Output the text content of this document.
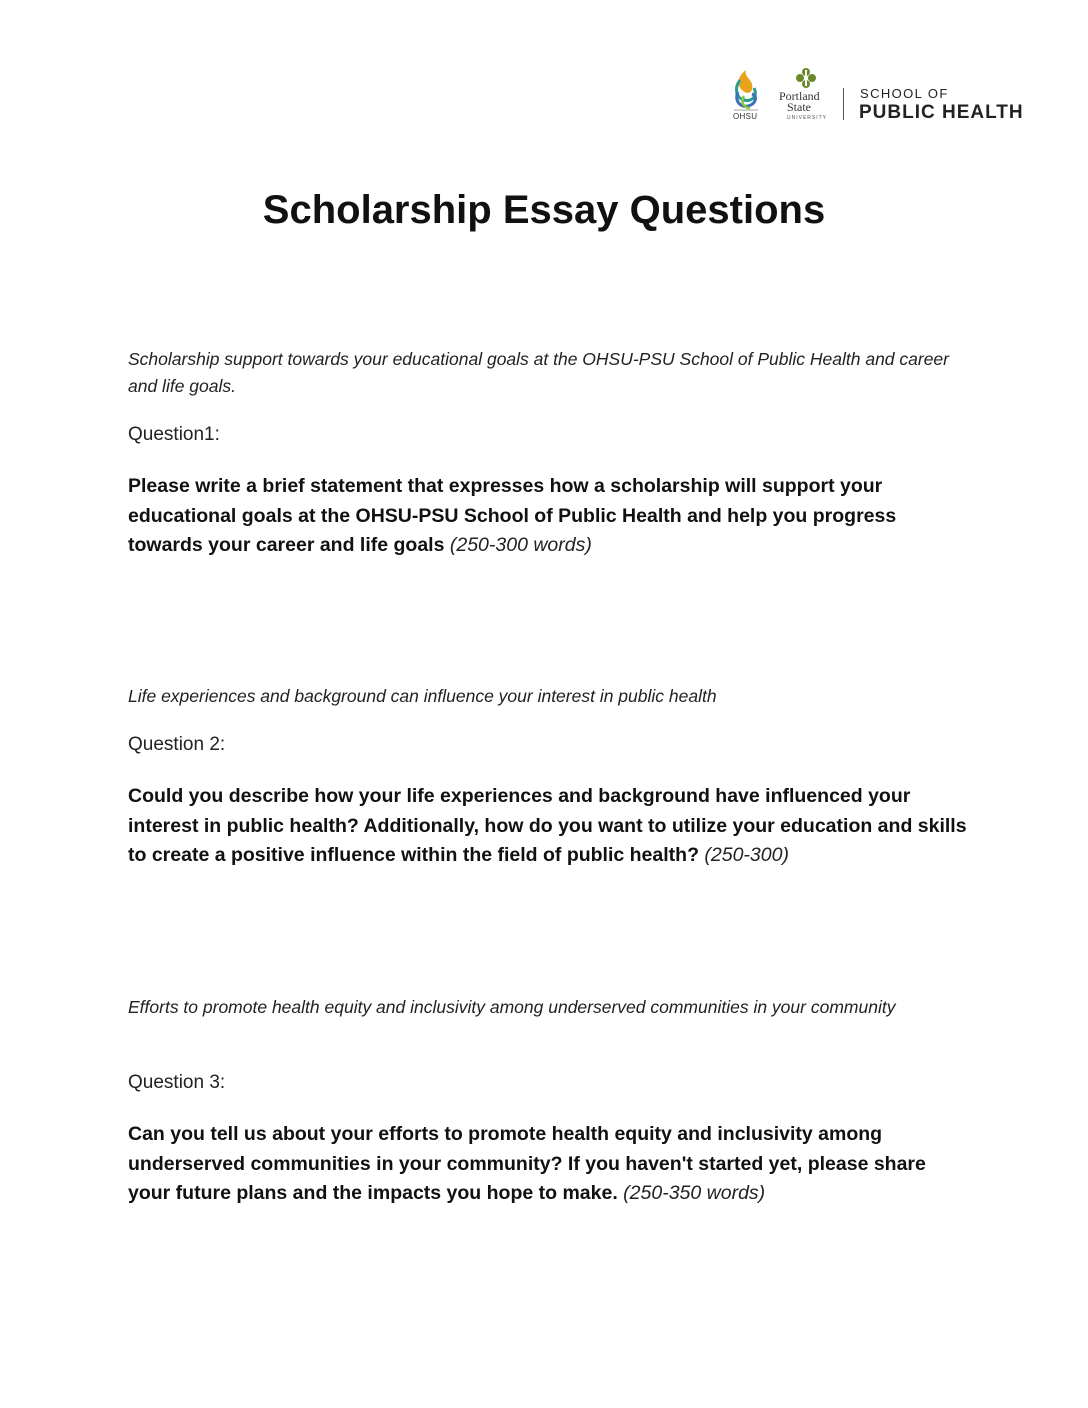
OHSU
Portland
State
UNIVERSITY
SCHOOL OF
PUBLIC HEALTH
Scholarship Essay Questions

Scholarship support towards your educational goals at the OHSU-PSU School of Public Health and career and life goals.

Question1:

Please write a brief statement that expresses how a scholarship will support your educational goals at the OHSU-PSU School of Public Health and help you progress towards your career and life goals (250-300 words)

Life experiences and background can influence your interest in public health

Question 2:

Could you describe how your life experiences and background have influenced your interest in public health? Additionally, how do you want to utilize your education and skills to create a positive influence within the field of public health? (250-300)

Efforts to promote health equity and inclusivity among underserved communities in your community

Question 3:

Can you tell us about your efforts to promote health equity and inclusivity among underserved communities in your community? If you haven't started yet, please share your future plans and the impacts you hope to make. (250-350 words)
